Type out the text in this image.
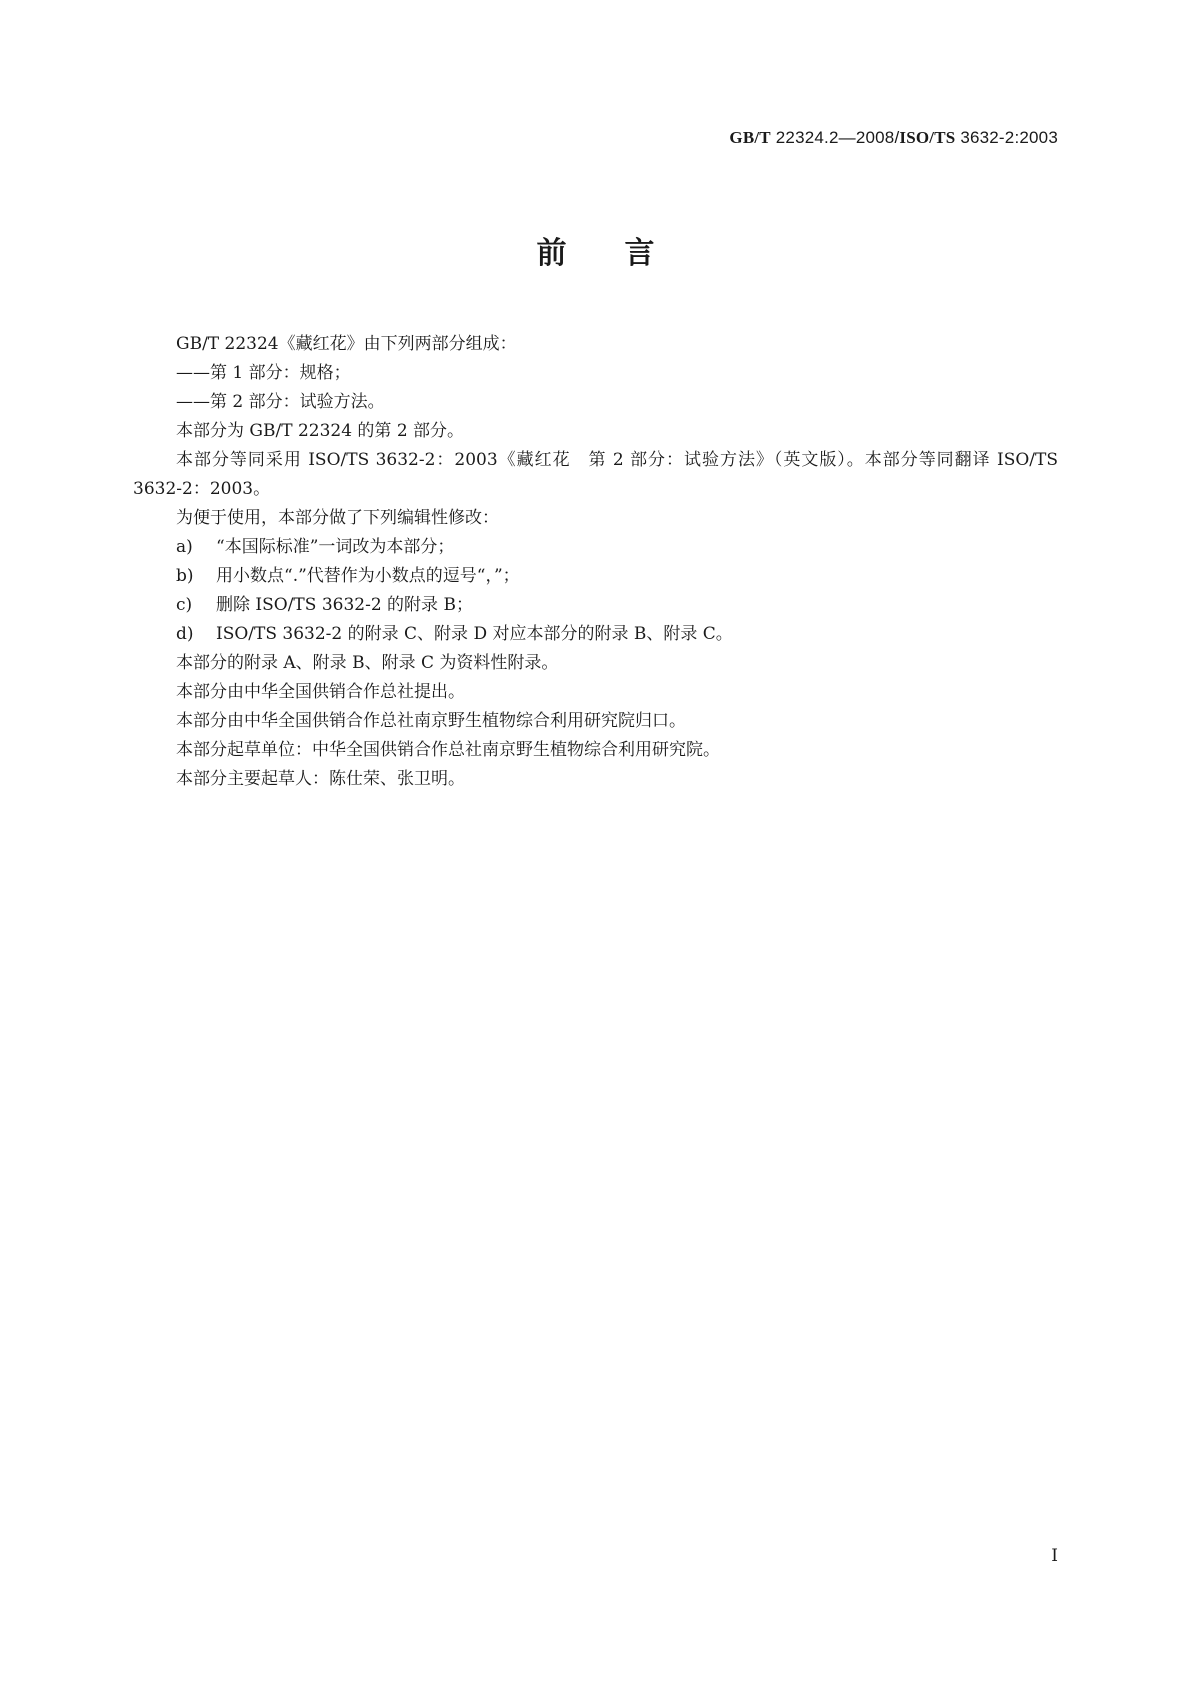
GB/T 22324.2—2008/ISO/TS 3632-2:2003
前言

GB/T 22324《藏红花》由下列两部分组成：

——第 1 部分：规格；

——第 2 部分：试验方法。

本部分为 GB/T 22324 的第 2 部分。

本部分等同采用 ISO/TS 3632-2：2003《藏红花　第 2 部分：试验方法》（英文版）。本部分等同翻译 ISO/TS 3632-2：2003。

为便于使用，本部分做了下列编辑性修改：

a) “本国际标准”一词改为本部分；

b) 用小数点“.”代替作为小数点的逗号“，”；

c) 删除 ISO/TS 3632-2 的附录 B；

d) ISO/TS 3632-2 的附录 C、附录 D 对应本部分的附录 B、附录 C。

本部分的附录 A、附录 B、附录 C 为资料性附录。

本部分由中华全国供销合作总社提出。

本部分由中华全国供销合作总社南京野生植物综合利用研究院归口。

本部分起草单位：中华全国供销合作总社南京野生植物综合利用研究院。

本部分主要起草人：陈仕荣、张卫明。

I
